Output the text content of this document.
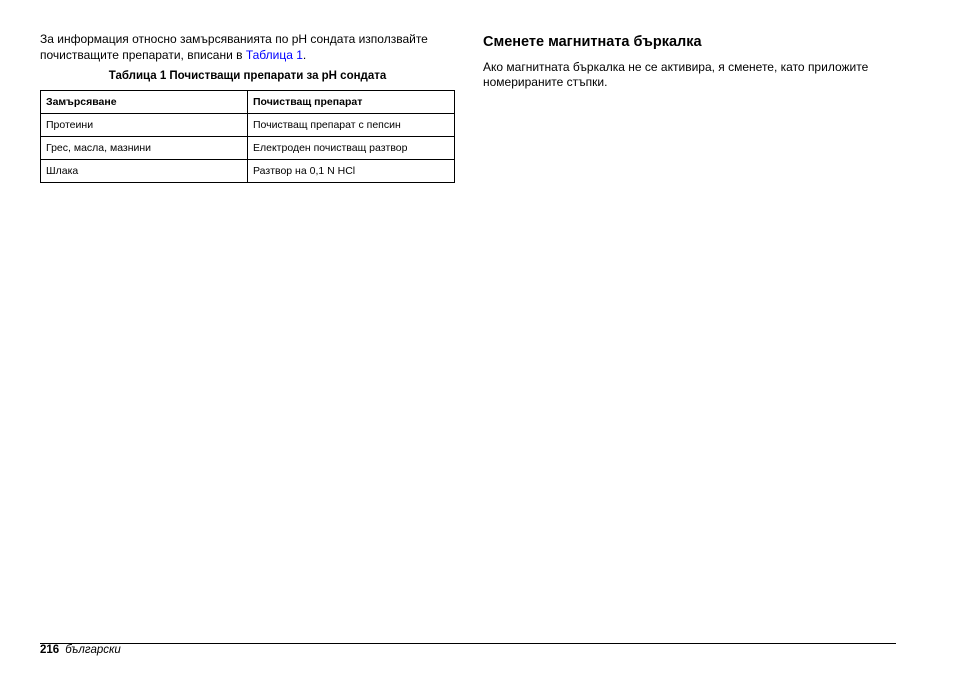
За информация относно замърсяванията по pH сондата използвайте почистващите препарати, вписани в Таблица 1.

Таблица 1 Почистващи препарати за pH сондата

Замърсяване	Почистващ препарат
Протеини	Почистващ препарат с пепсин
Грес, масла, мазнини	Електроден почистващ разтвор
Шлака	Разтвор на 0,1 N HCl
Сменете магнитната бъркалка

Ако магнитната бъркалка не се активира, я сменете, като приложите номерираните стъпки.

216 български
